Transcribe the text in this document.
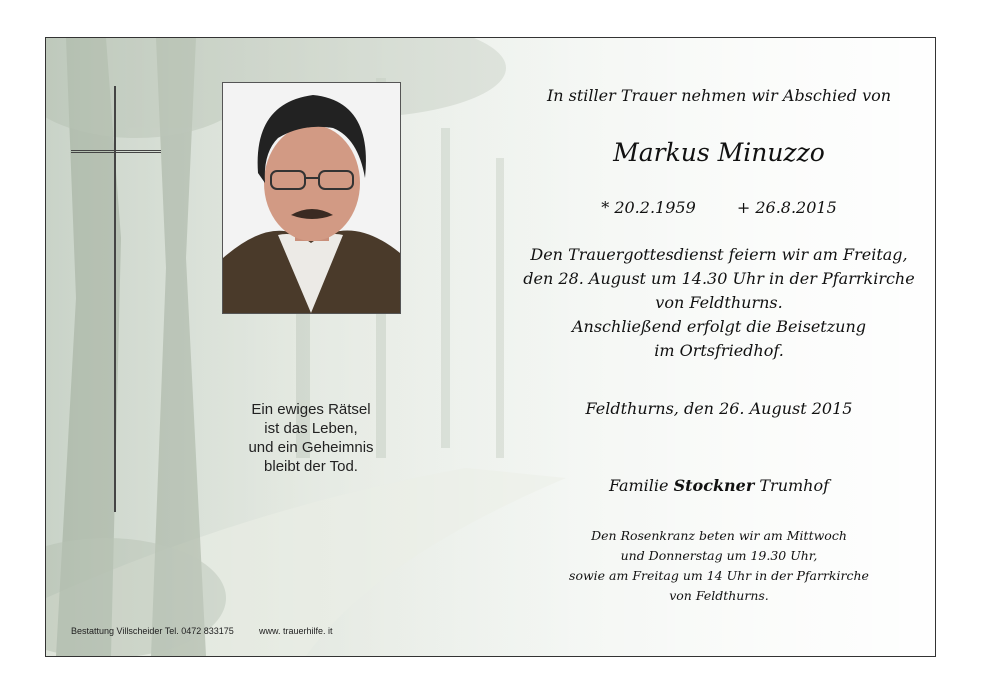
Ein ewiges Rätsel
ist das Leben,
und ein Geheimnis
bleibt der Tod.
Bestattung Villscheider Tel. 0472 833175	www. trauerhilfe. it
In stiller Trauer nehmen wir Abschied von
Markus Minuzzo
* 20.2.1959	+ 26.8.2015
Den Trauergottesdienst feiern wir am Freitag,
den 28. August um 14.30 Uhr in der Pfarrkirche
von Feldthurns.
Anschließend erfolgt die Beisetzung
im Ortsfriedhof.
Feldthurns, den 26. August 2015
Familie Stockner Trumhof
Den Rosenkranz beten wir am Mittwoch
und Donnerstag um 19.30 Uhr,
sowie am Freitag um 14 Uhr in der Pfarrkirche
von Feldthurns.
